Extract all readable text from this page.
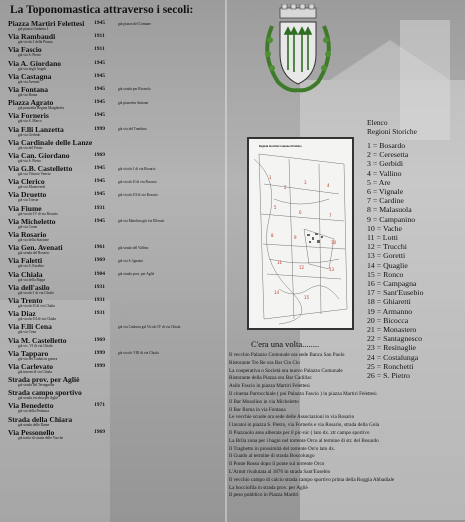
La Toponomastica attraverso i secoli:
Piazza Martiri Felettesi 1945
già piazza Umberto I
già piazza del Comune
Via Rambaudi	1911
già vicolo I della Piazza
Via Fascio	1911
già via S. Pietro
Via A. Giordano	1945
già via degli Angeli
Via Castagna	1945
già via Avenati
Via Fontana	1945
già via Roma
già strada per Rivarolo
Piazza Agrato	1945
già piazzetta Regina Margherita
già piazzetta Amiano
Via Fornerìs	1945
già via S. Marco
Via F.lli Lanzetta	1999
già via Gerbido
già via del Tombino
Via Cardinale delle Lanze
già via del Forno
Via Can. Giordano	1969
già via S. Pietro
Via G.B. Castelletto	1945
già via Vittorio Veneto
già vicolo I di via Rosario
Via Clerico	1945
già via Monteverdi
già vicolo II di via Rosario
Via Druetto	1945
già via Trieste
già vicolo III di via Rosario
Via Fiume	1931
già vicolo IV di via Rosario
Via Micheletto	1945
già via Crane
già via Matolina già via Ellerate
Via Rosario
già via della Stazione
Via Gen. Avenati	1961
già strada del Rosario
già strada del Vallino
Via Faletti	1969
già via S. Eusebio
già via S. Ignazio
Via Chiala	1904
già via della Rippa
già strada prov. per Agliè
Via dell'asilo	1931
già vicolo I di via Chiala
Via Trento	1931
già vicolo II di via Chiala
Via Diaz	1931
già vicolo III di via Chiala
Via F.lli Cena
già via Cena
già via Cadorna già Vicolo IV di via Chiala
Via M. Castelletto	1969
già vic. VI di via Chiala
Via Tapparo	1999
già via dei Caduti in guerra
già vicolo VIII di via Chiala
Via Carlevato	1999
già interni di via Chiala
Strada prov. per Agliè
già strada del Terragnone
Strada campo sportivo
già strada vecchia per Agliè
Via Benedetto	1971
già via della Pedatura
Strada della Chiara
già strada delle Dame
Via Pessonello	1969
già tratto di strada delle Vacche
Elenco
Regioni Storiche
1 = Bosardo
2 = Ceresetta
3 = Gerbidi
4 = Vallino
5 = Are
6 = Vignale
7 = Cardine
8 = Malasuola
9 = Campanino
10 = Vache
11 = Lotti
12 = Trucchi
13 = Goretti
14 = Quaglie
15 = Ronco
16 = Campagna
17 = Sant'Eusebio
18 = Ghiaretti
19 = Armanno
20 = Bicocca
21 = Monastero
22 = Santagnesco
23 = Resinaglie
24 = Costalunga
25 = Ronchetti
26 = S. Pietro
Regioni Storiche Comune di Feletto
1
2
3
4
5
6
7
8	9
10
11
12	13
14
15
C'era una volta........
Il vecchio Palazzo Comunale ora sede Banca San Paolo
Ristorante Tre Re ora Bar Cin Cin
La cooperativa o Società ora nuovo Palazzo Comunale
Ristorante della Piazza ora Bar Cadillac
Asilo Fascio in piazza Martiri Felettesi
Il cinema Parrocchiale ( poi Palazzo Fascio ) in piazza Martiri Felettesi
Il Bar Musolino in via Micheletto
Il Bar Roma in via Fontana
Le vecchie scuole ora sede delle Associazioni in via Rosario
I lavatoi in piazza S. Pietro, via Fornerìs e via Rosario, strada della Gola
Il Piazzuolo area alberata per il pic-nic ( lato dx. ztr campo sportivo
La Brìla zona per i bagni nel torrente Orco al termine di str. del Bosardo
Il Traghetto in prossimità del torrente Orco lato dx.
Il Guado al termine di strada Boscolungo
Il Ponte Rosso dopo il ponte sul torrente Orco
L'Armit rivalutata al 1876 in strada Sant'Eusebio
Il vecchio campo di calcio strada campo sportivo prima della Roggia Abbadiale
La bocciofila in strada prov. per Agliè
Il peso pubblico in Piazza Martiri
